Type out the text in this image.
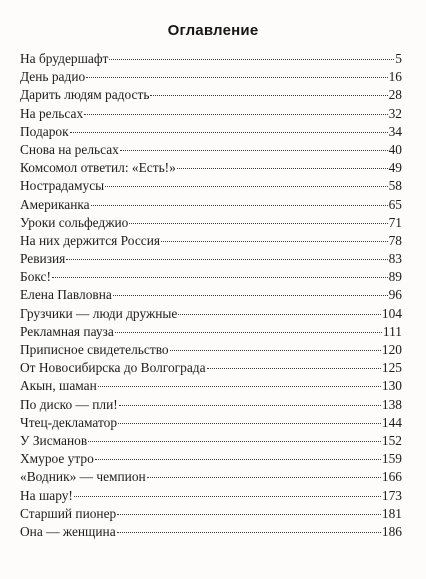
Оглавление
На брудершафт	5
День радио	16
Дарить людям радость	28
На рельсах	32
Подарок	34
Снова на рельсах	40
Комсомол ответил: «Есть!»	49
Нострадамусы	58
Американка	65
Уроки сольфеджио	71
На них держится Россия	78
Ревизия	83
Бокс!	89
Елена Павловна	96
Грузчики — люди дружные	104
Рекламная пауза	111
Приписное свидетельство	120
От Новосибирска до Волгограда	125
Акын, шаман	130
По диско — пли!	138
Чтец-декламатор	144
У Зисманов	152
Хмурое утро	159
«Водник» — чемпион	166
На шару!	173
Старший пионер	181
Она — женщина	186
